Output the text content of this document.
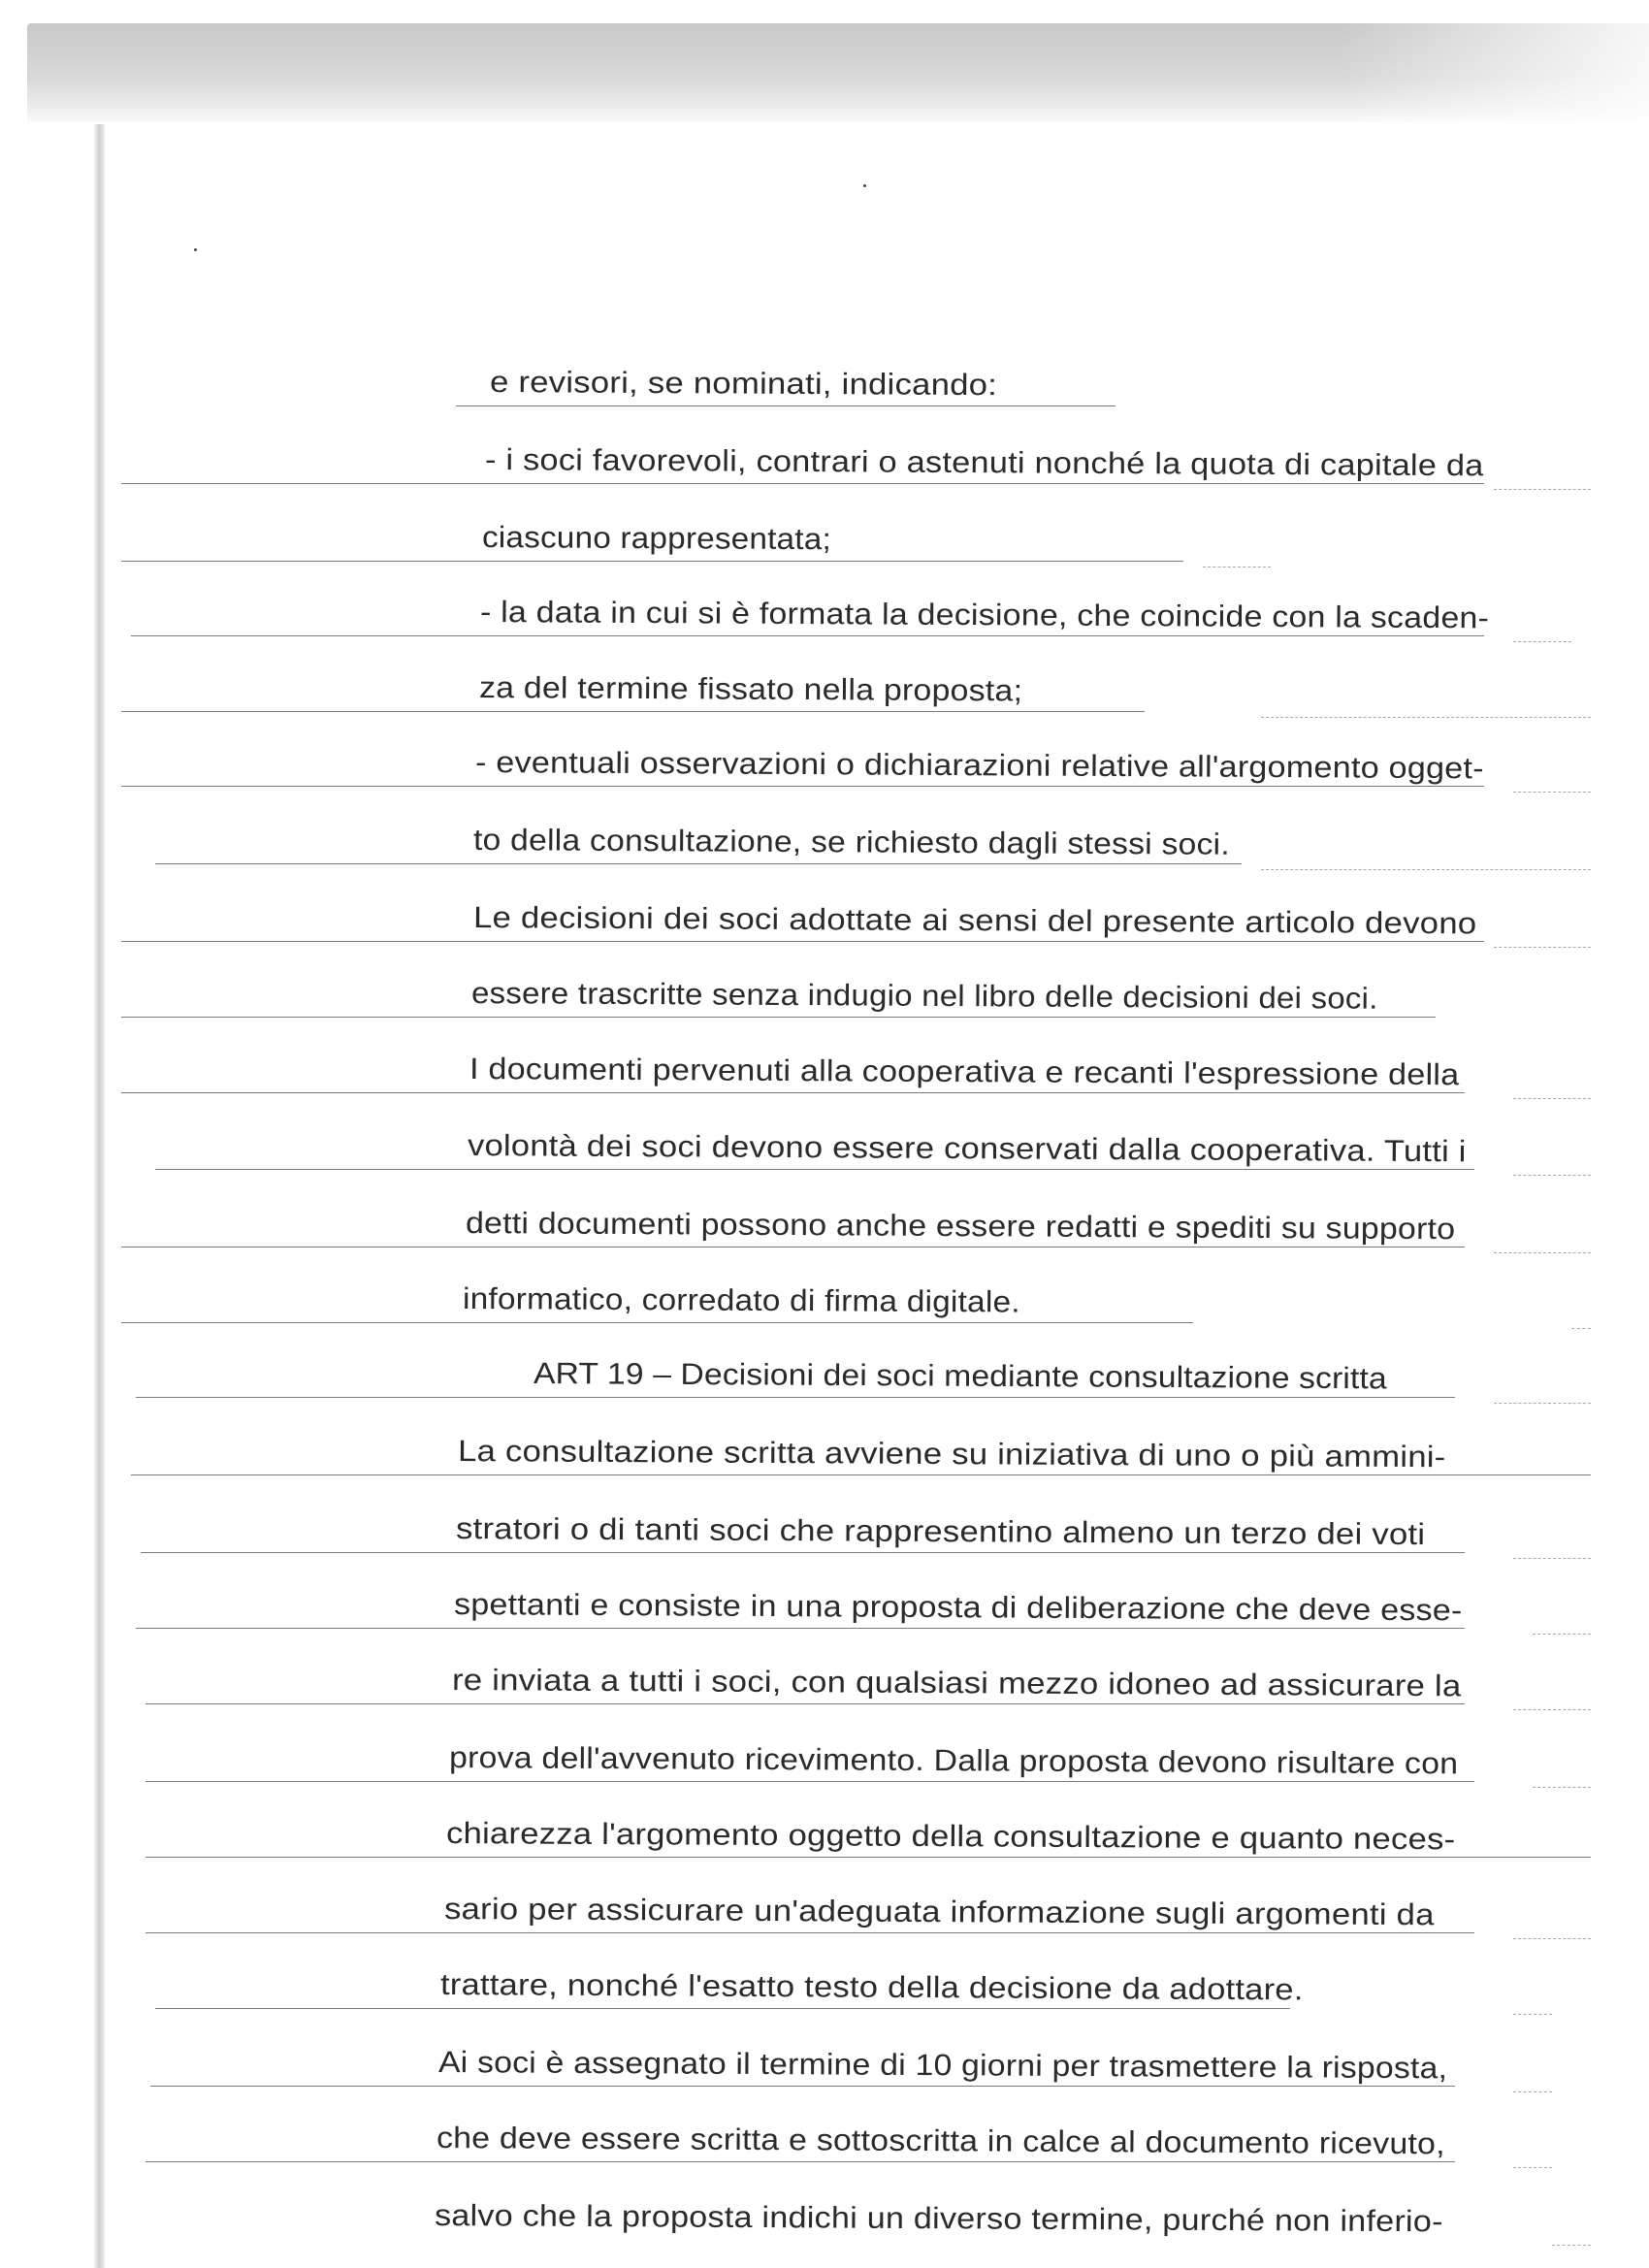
e revisori, se nominati, indicando:
- i soci favorevoli, contrari o astenuti nonché la quota di capitale da
ciascuno rappresentata;
- la data in cui si è formata la decisione, che coincide con la scaden-
za del termine fissato nella proposta;
- eventuali osservazioni o dichiarazioni relative all'argomento ogget-
to della consultazione, se richiesto dagli stessi soci.
Le decisioni dei soci adottate ai sensi del presente articolo devono
essere trascritte senza indugio nel libro delle decisioni dei soci.
I documenti pervenuti alla cooperativa e recanti l'espressione della
volontà dei soci devono essere conservati dalla cooperativa. Tutti i
detti documenti possono anche essere redatti e spediti su supporto
informatico, corredato di firma digitale.
ART 19 – Decisioni dei soci mediante consultazione scritta
La consultazione scritta avviene su iniziativa di uno o più ammini-
stratori o di tanti soci che rappresentino almeno un terzo dei voti
spettanti e consiste in una proposta di deliberazione che deve esse-
re inviata a tutti i soci, con qualsiasi mezzo idoneo ad assicurare la
prova dell'avvenuto ricevimento. Dalla proposta devono risultare con
chiarezza l'argomento oggetto della consultazione e quanto neces-
sario per assicurare un'adeguata informazione sugli argomenti da
trattare, nonché l'esatto testo della decisione da adottare.
Ai soci è assegnato il termine di 10 giorni per trasmettere la risposta,
che deve essere scritta e sottoscritta in calce al documento ricevuto,
salvo che la proposta indichi un diverso termine, purché non inferio-
